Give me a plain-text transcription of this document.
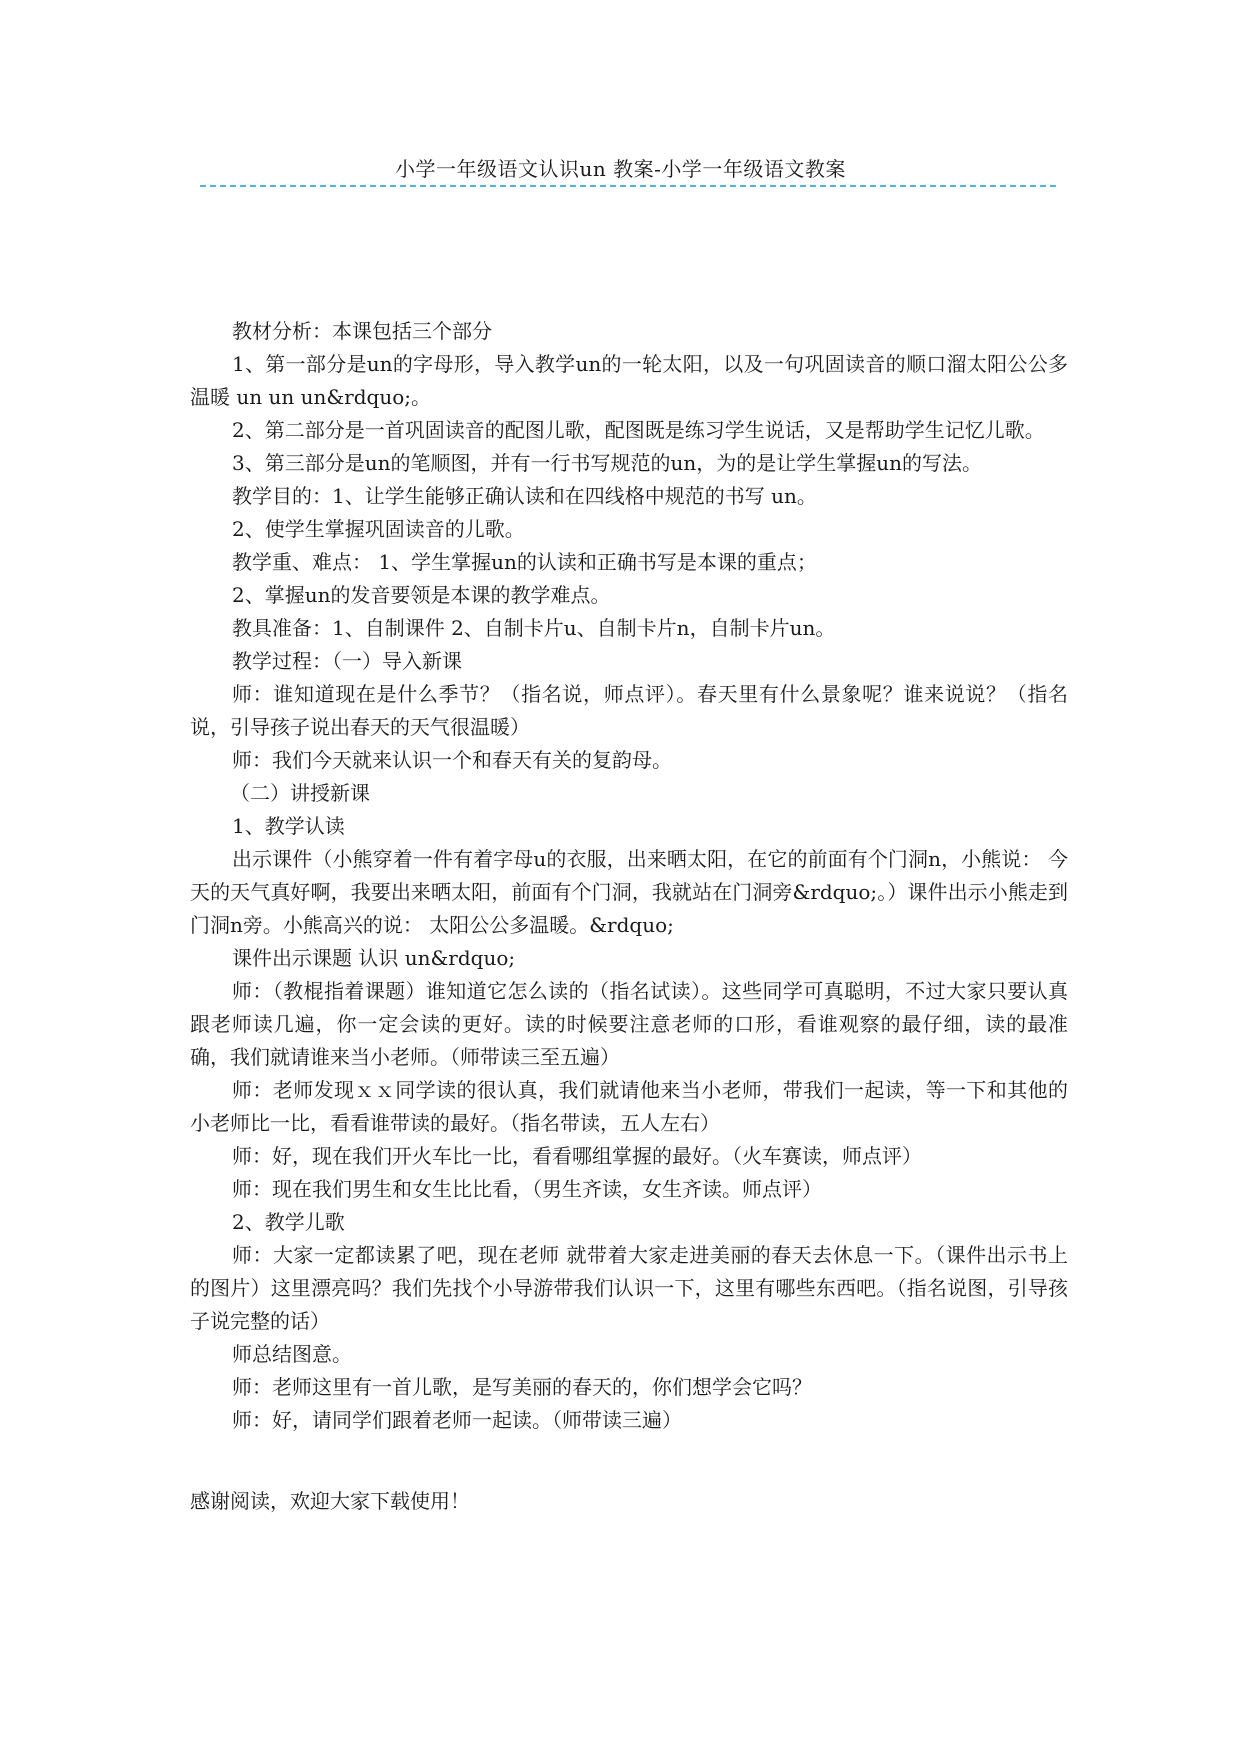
小学一年级语文认识un 教案-小学一年级语文教案

教材分析：本课包括三个部分

1、第一部分是un的字母形，导入教学un的一轮太阳，以及一句巩固读音的顺口溜太阳公公多温暖 un un un&rdquo;。

2、第二部分是一首巩固读音的配图儿歌，配图既是练习学生说话，又是帮助学生记忆儿歌。

3、第三部分是un的笔顺图，并有一行书写规范的un，为的是让学生掌握un的写法。

教学目的：1、让学生能够正确认读和在四线格中规范的书写 un。

2、使学生掌握巩固读音的儿歌。

教学重、难点： 1、学生掌握un的认读和正确书写是本课的重点；

2、掌握un的发音要领是本课的教学难点。

教具准备：1、自制课件 2、自制卡片u、自制卡片n，自制卡片un。

教学过程：（一）导入新课

师：谁知道现在是什么季节？（指名说，师点评）。春天里有什么景象呢？谁来说说？（指名说，引导孩子说出春天的天气很温暖）

师：我们今天就来认识一个和春天有关的复韵母。

（二）讲授新课

1、教学认读

出示课件（小熊穿着一件有着字母u的衣服，出来晒太阳，在它的前面有个门洞n，小熊说： 今天的天气真好啊，我要出来晒太阳，前面有个门洞，我就站在门洞旁&rdquo;。）课件出示小熊走到门洞n旁。小熊高兴的说： 太阳公公多温暖。&rdquo;

课件出示课题 认识 un&rdquo;

师：（教棍指着课题）谁知道它怎么读的（指名试读）。这些同学可真聪明，不过大家只要认真跟老师读几遍，你一定会读的更好。读的时候要注意老师的口形，看谁观察的最仔细，读的最准确，我们就请谁来当小老师。（师带读三至五遍）

师：老师发现ｘｘ同学读的很认真，我们就请他来当小老师，带我们一起读，等一下和其他的小老师比一比，看看谁带读的最好。（指名带读，五人左右）

师：好，现在我们开火车比一比，看看哪组掌握的最好。（火车赛读，师点评）

师：现在我们男生和女生比比看，（男生齐读，女生齐读。师点评）

2、教学儿歌

师：大家一定都读累了吧，现在老师 就带着大家走进美丽的春天去休息一下。（课件出示书上的图片）这里漂亮吗？我们先找个小导游带我们认识一下，这里有哪些东西吧。（指名说图，引导孩子说完整的话）

师总结图意。

师：老师这里有一首儿歌，是写美丽的春天的，你们想学会它吗？

师：好，请同学们跟着老师一起读。（师带读三遍）

感谢阅读，欢迎大家下载使用！
